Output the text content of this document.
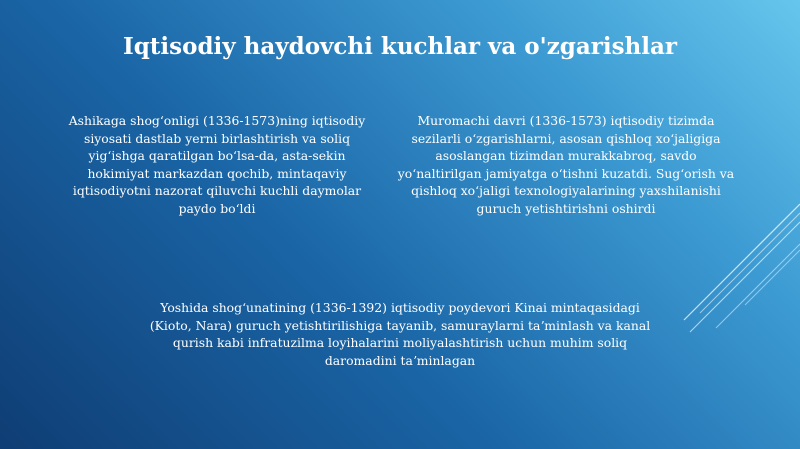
Iqtisodiy haydovchi kuchlar va o'zgarishlar

Ashikaga shogʻonligi (1336-1573)ning iqtisodiy siyosati dastlab yerni birlashtirish va soliq yigʻishga qaratilgan boʻlsa-da, asta-sekin hokimiyat markazdan qochib, mintaqaviy iqtisodiyotni nazorat qiluvchi kuchli daymolar paydo boʻldi

Muromachi davri (1336-1573) iqtisodiy tizimda sezilarli oʻzgarishlarni, asosan qishloq xoʻjaligiga asoslangan tizimdan murakkabroq, savdo yoʻnaltirilgan jamiyatga oʻtishni kuzatdi. Sugʻorish va qishloq xoʻjaligi texnologiyalarining yaxshilanishi guruch yetishtirishni oshirdi

Yoshida shogʻunatining (1336-1392) iqtisodiy poydevori Kinai mintaqasidagi (Kioto, Nara) guruch yetishtirilishiga tayanib, samuraylarni taʼminlash va kanal qurish kabi infratuzilma loyihalarini moliyalashtirish uchun muhim soliq daromadini taʼminlagan
